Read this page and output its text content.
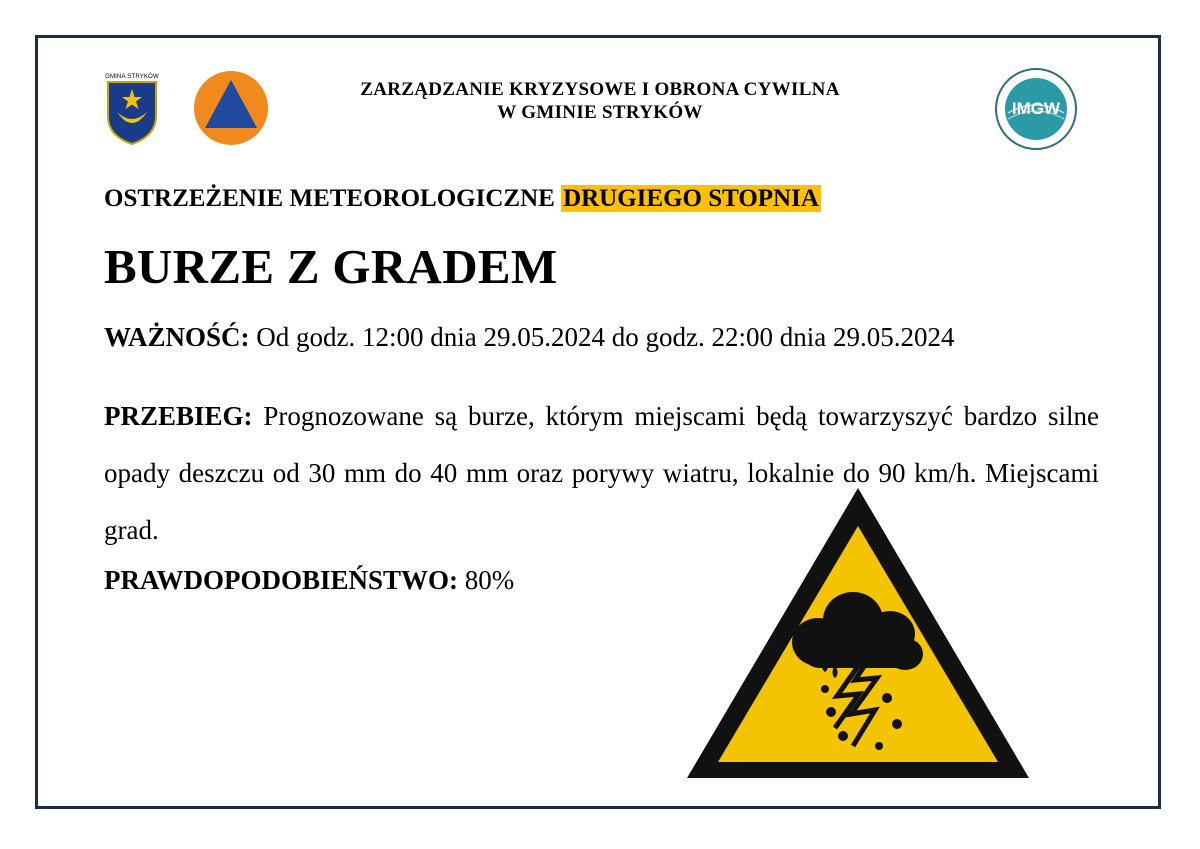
GMINA STRYKÓW
ZARZĄDZANIE KRYZYSOWE I OBRONA CYWILNA
W GMINIE STRYKÓW	IMGW
OSTRZEŻENIE METEOROLOGICZNE DRUGIEGO STOPNIA
BURZE Z GRADEM
WAŻNOŚĆ: Od godz. 12:00 dnia 29.05.2024 do godz. 22:00 dnia 29.05.2024
PRZEBIEG: Prognozowane są burze, którym miejscami będą towarzyszyć bardzo silne opady deszczu od 30 mm do 40 mm oraz porywy wiatru, lokalnie do 90 km/h. Miejscami grad.
PRAWDOPODOBIEŃSTWO: 80%
